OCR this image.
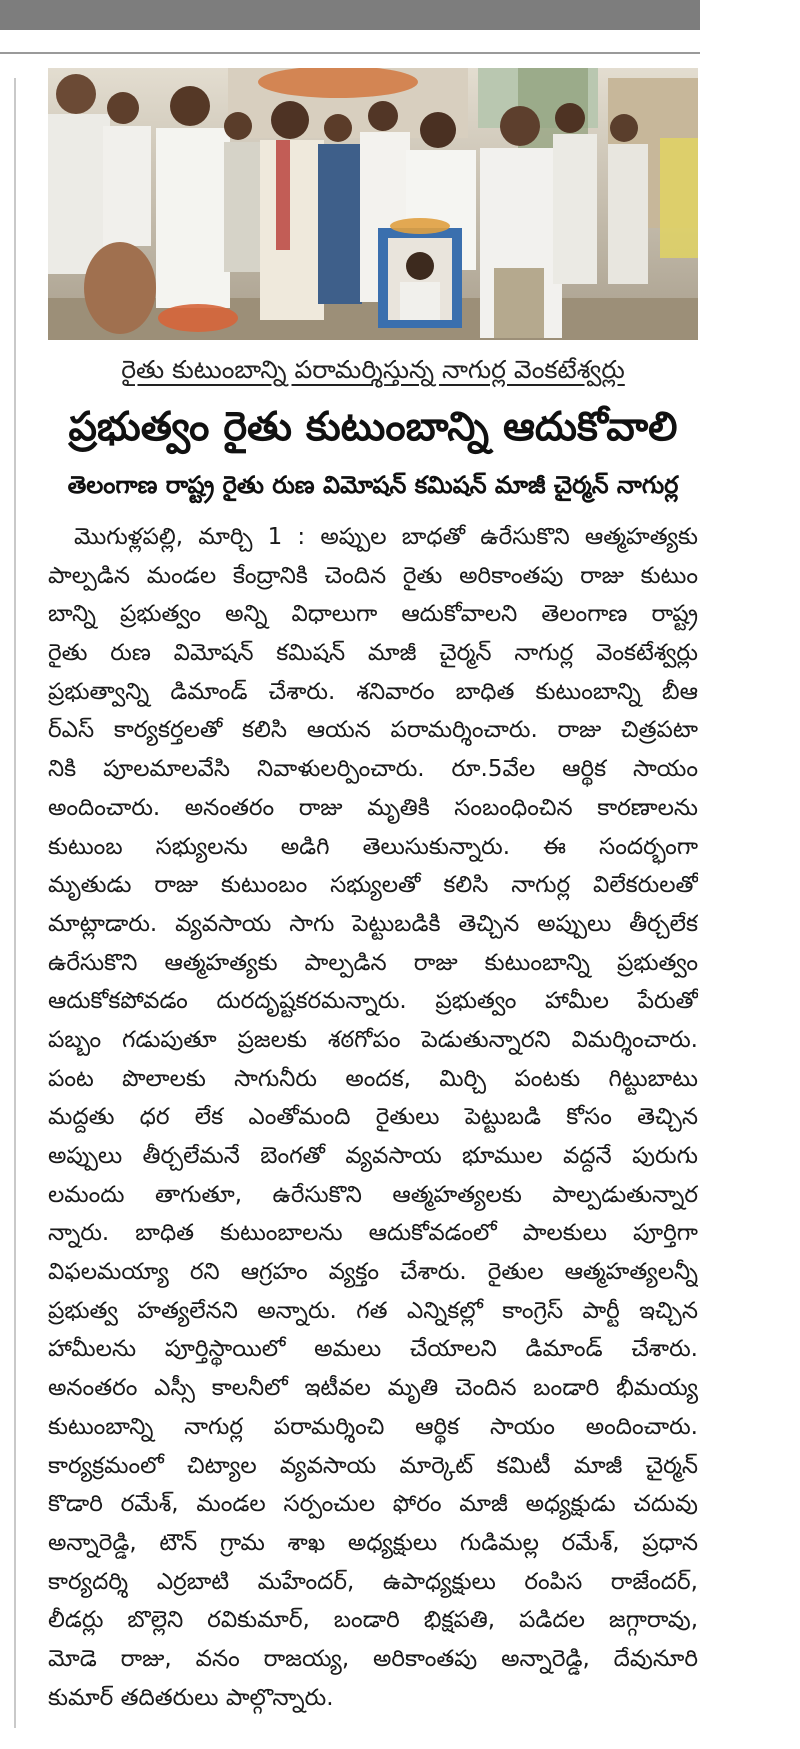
రైతు కుటుంబాన్ని పరామర్శిస్తున్న నాగుర్ల వెంకటేశ్వర్లు
ప్రభుత్వం రైతు కుటుంబాన్ని ఆదుకోవాలి
తెలంగాణ రాష్ట్ర రైతు రుణ విమోషన్ కమిషన్ మాజీ చైర్మన్ నాగుర్ల
మొగుళ్లపల్లి, మార్చి 1 : అప్పుల బాధతో ఉరేసుకొని ఆత్మహత్యకు
పాల్పడిన మండల కేంద్రానికి చెందిన రైతు అరికాంతపు రాజు కుటుం
బాన్ని ప్రభుత్వం అన్ని విధాలుగా ఆదుకోవాలని తెలంగాణ రాష్ట్ర
రైతు రుణ విమోషన్ కమిషన్ మాజీ చైర్మన్ నాగుర్ల వెంకటేశ్వర్లు
ప్రభుత్వాన్ని డిమాండ్ చేశారు. శనివారం బాధిత కుటుంబాన్ని బీఆ
ర్ఎస్ కార్యకర్తలతో కలిసి ఆయన పరామర్శించారు. రాజు చిత్రపటా
నికి పూలమాలవేసి నివాళులర్పించారు. రూ.5వేల ఆర్థిక సాయం
అందించారు. అనంతరం రాజు మృతికి సంబంధించిన కారణాలను
కుటుంబ సభ్యులను అడిగి తెలుసుకున్నారు. ఈ సందర్భంగా
మృతుడు రాజు కుటుంబం సభ్యులతో కలిసి నాగుర్ల విలేకరులతో
మాట్లాడారు. వ్యవసాయ సాగు పెట్టుబడికి తెచ్చిన అప్పులు తీర్చలేక
ఉరేసుకొని ఆత్మహత్యకు పాల్పడిన రాజు కుటుంబాన్ని ప్రభుత్వం
ఆదుకోకపోవడం దురదృష్టకరమన్నారు. ప్రభుత్వం హామీల పేరుతో
పబ్బం గడుపుతూ ప్రజలకు శఠగోపం పెడుతున్నారని విమర్శించారు.
పంట పొలాలకు సాగునీరు అందక, మిర్చి పంటకు గిట్టుబాటు
మద్దతు ధర లేక ఎంతోమంది రైతులు పెట్టుబడి కోసం తెచ్చిన
అప్పులు తీర్చలేమనే బెంగతో వ్యవసాయ భూముల వద్దనే పురుగు
లమందు తాగుతూ, ఉరేసుకొని ఆత్మహత్యలకు పాల్పడుతున్నార
న్నారు. బాధిత కుటుంబాలను ఆదుకోవడంలో పాలకులు పూర్తిగా
విఫలమయ్యా రని ఆగ్రహం వ్యక్తం చేశారు. రైతుల ఆత్మహత్యలన్నీ
ప్రభుత్వ హత్యలేనని అన్నారు. గత ఎన్నికల్లో కాంగ్రెస్ పార్టీ ఇచ్చిన
హామీలను పూర్తిస్థాయిలో అమలు చేయాలని డిమాండ్ చేశారు.
అనంతరం ఎస్సీ కాలనీలో ఇటీవల మృతి చెందిన బండారి భీమయ్య
కుటుంబాన్ని నాగుర్ల పరామర్శించి ఆర్థిక సాయం అందించారు.
కార్యక్రమంలో చిట్యాల వ్యవసాయ మార్కెట్ కమిటీ మాజీ చైర్మన్
కొడారి రమేశ్, మండల సర్పంచుల ఫోరం మాజీ అధ్యక్షుడు చదువు
అన్నారెడ్డి, టౌన్ గ్రామ శాఖ అధ్యక్షులు గుడిమల్ల రమేశ్, ప్రధాన
కార్యదర్శి ఎర్రబాటి మహేందర్, ఉపాధ్యక్షులు రంపిస రాజేందర్,
లీడర్లు బొల్లెని రవికుమార్, బండారి భిక్షపతి, పడిదల జగ్గారావు,
మోడె రాజు, వనం రాజయ్య, అరికాంతపు అన్నారెడ్డి, దేవునూరి
కుమార్ తదితరులు పాల్గొన్నారు.
